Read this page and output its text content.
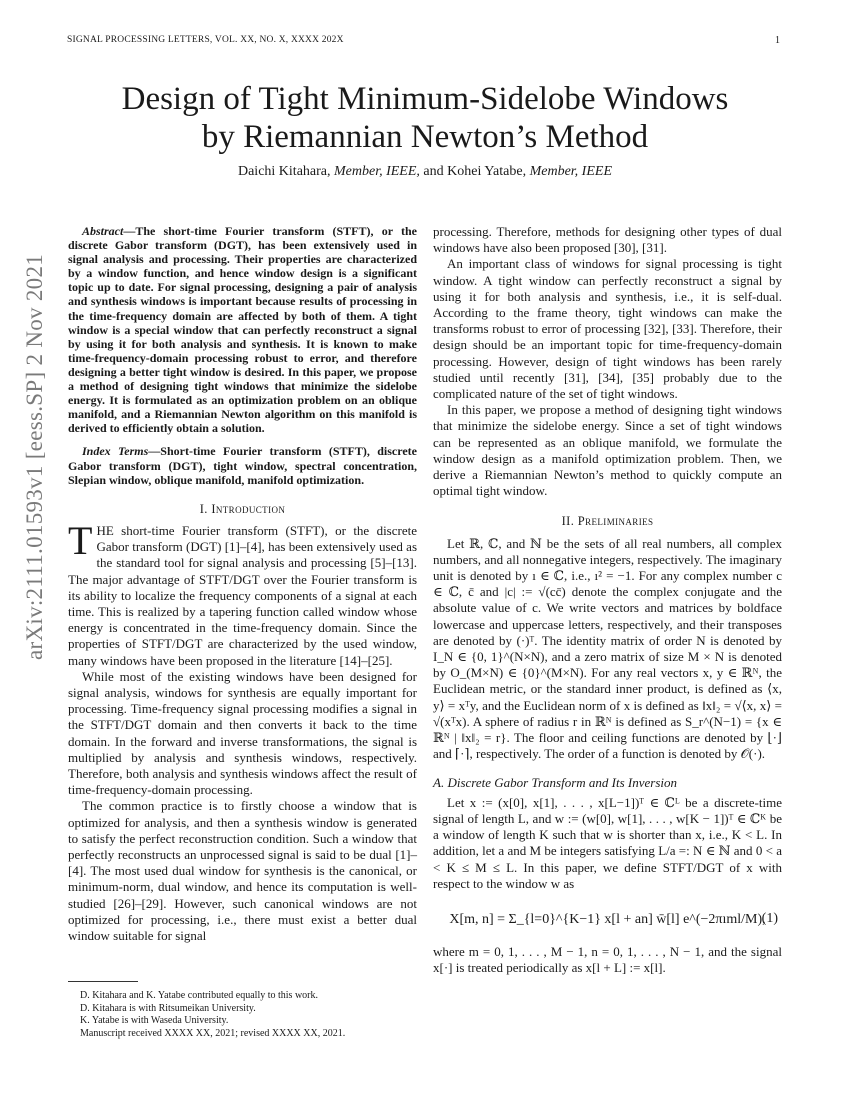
SIGNAL PROCESSING LETTERS, VOL. XX, NO. X, XXXX 202X	1
arXiv:2111.01593v1 [eess.SP] 2 Nov 2021
Design of Tight Minimum-Sidelobe Windows
by Riemannian Newton’s Method
Daichi Kitahara, Member, IEEE, and Kohei Yatabe, Member, IEEE

Abstract—The short-time Fourier transform (STFT), or the discrete Gabor transform (DGT), has been extensively used in signal analysis and processing. Their properties are characterized by a window function, and hence window design is a significant topic up to date. For signal processing, designing a pair of analysis and synthesis windows is important because results of processing in the time-frequency domain are affected by both of them. A tight window is a special window that can perfectly reconstruct a signal by using it for both analysis and synthesis. It is known to make time-frequency-domain processing robust to error, and therefore designing a better tight window is desired. In this paper, we propose a method of designing tight windows that minimize the sidelobe energy. It is formulated as an optimization problem on an oblique manifold, and a Riemannian Newton algorithm on this manifold is derived to efficiently obtain a solution.

Index Terms—Short-time Fourier transform (STFT), discrete Gabor transform (DGT), tight window, spectral concentration, Slepian window, oblique manifold, manifold optimization.

I. Introduction

THE short-time Fourier transform (STFT), or the discrete Gabor transform (DGT) [1]–[4], has been extensively used as the standard tool for signal analysis and processing [5]–[13]. The major advantage of STFT/DGT over the Fourier transform is its ability to localize the frequency components of a signal at each time. This is realized by a tapering function called window whose energy is concentrated in the time-frequency domain. Since the properties of STFT/DGT are characterized by the used window, many windows have been proposed in the literature [14]–[25].

While most of the existing windows have been designed for signal analysis, windows for synthesis are equally important for processing. Time-frequency signal processing modifies a signal in the STFT/DGT domain and then converts it back to the time domain. In the forward and inverse transformations, the signal is multiplied by analysis and synthesis windows, respectively. Therefore, both analysis and synthesis windows affect the result of time-frequency-domain processing.

The common practice is to firstly choose a window that is optimized for analysis, and then a synthesis window is generated to satisfy the perfect reconstruction condition. Such a window that perfectly reconstructs an unprocessed signal is said to be dual [1]–[4]. The most used dual window for synthesis is the canonical, or minimum-norm, dual window, and hence its computation is well-studied [26]–[29]. However, such canonical windows are not optimized for processing, i.e., there must exist a better dual window suitable for signal

processing. Therefore, methods for designing other types of dual windows have also been proposed [30], [31].

An important class of windows for signal processing is tight window. A tight window can perfectly reconstruct a signal by using it for both analysis and synthesis, i.e., it is self-dual. According to the frame theory, tight windows can make the transforms robust to error of processing [32], [33]. Therefore, their design should be an important topic for time-frequency-domain processing. However, design of tight windows has been rarely studied until recently [31], [34], [35] probably due to the complicated nature of the set of tight windows.

In this paper, we propose a method of designing tight windows that minimize the sidelobe energy. Since a set of tight windows can be represented as an oblique manifold, we formulate the window design as a manifold optimization problem. Then, we derive a Riemannian Newton’s method to quickly compute an optimal tight window.

II. Preliminaries

Let ℝ, ℂ, and ℕ be the sets of all real numbers, all complex numbers, and all nonnegative integers, respectively. The imaginary unit is denoted by ı ∈ ℂ, i.e., ı² = −1. For any complex number c ∈ ℂ, c̄ and |c| := √(cc̄) denote the complex conjugate and the absolute value of c. We write vectors and matrices by boldface lowercase and uppercase letters, respectively, and their transposes are denoted by (·)ᵀ. The identity matrix of order N is denoted by I_N ∈ {0, 1}^(N×N), and a zero matrix of size M × N is denoted by O_(M×N) ∈ {0}^(M×N). For any real vectors x, y ∈ ℝᴺ, the Euclidean metric, or the standard inner product, is defined as ⟨x, y⟩ = xᵀy, and the Euclidean norm of x is defined as ‖x‖₂ = √⟨x, x⟩ = √(xᵀx). A sphere of radius r in ℝᴺ is defined as S_r^(N−1) = {x ∈ ℝᴺ | ‖x‖₂ = r}. The floor and ceiling functions are denoted by ⌊·⌋ and ⌈·⌉, respectively. The order of a function is denoted by 𝒪(·).

A. Discrete Gabor Transform and Its Inversion

Let x := (x[0], x[1], . . . , x[L−1])ᵀ ∈ ℂᴸ be a discrete-time signal of length L, and w := (w[0], w[1], . . . , w[K − 1])ᵀ ∈ ℂᴷ be a window of length K such that w is shorter than x, i.e., K < L. In addition, let a and M be integers satisfying L/a =: N ∈ ℕ and 0 < a < K ≤ M ≤ L. In this paper, we define STFT/DGT of x with respect to the window w as

X[m, n] = Σ_{l=0}^{K−1} x[l + an] w̄[l] e^(−2πıml/M),
(1)

where m = 0, 1, . . . , M − 1, n = 0, 1, . . . , N − 1, and the signal x[·] is treated periodically as x[l + L] := x[l].

D. Kitahara and K. Yatabe contributed equally to this work.

D. Kitahara is with Ritsumeikan University.

K. Yatabe is with Waseda University.

Manuscript received XXXX XX, 2021; revised XXXX XX, 2021.
